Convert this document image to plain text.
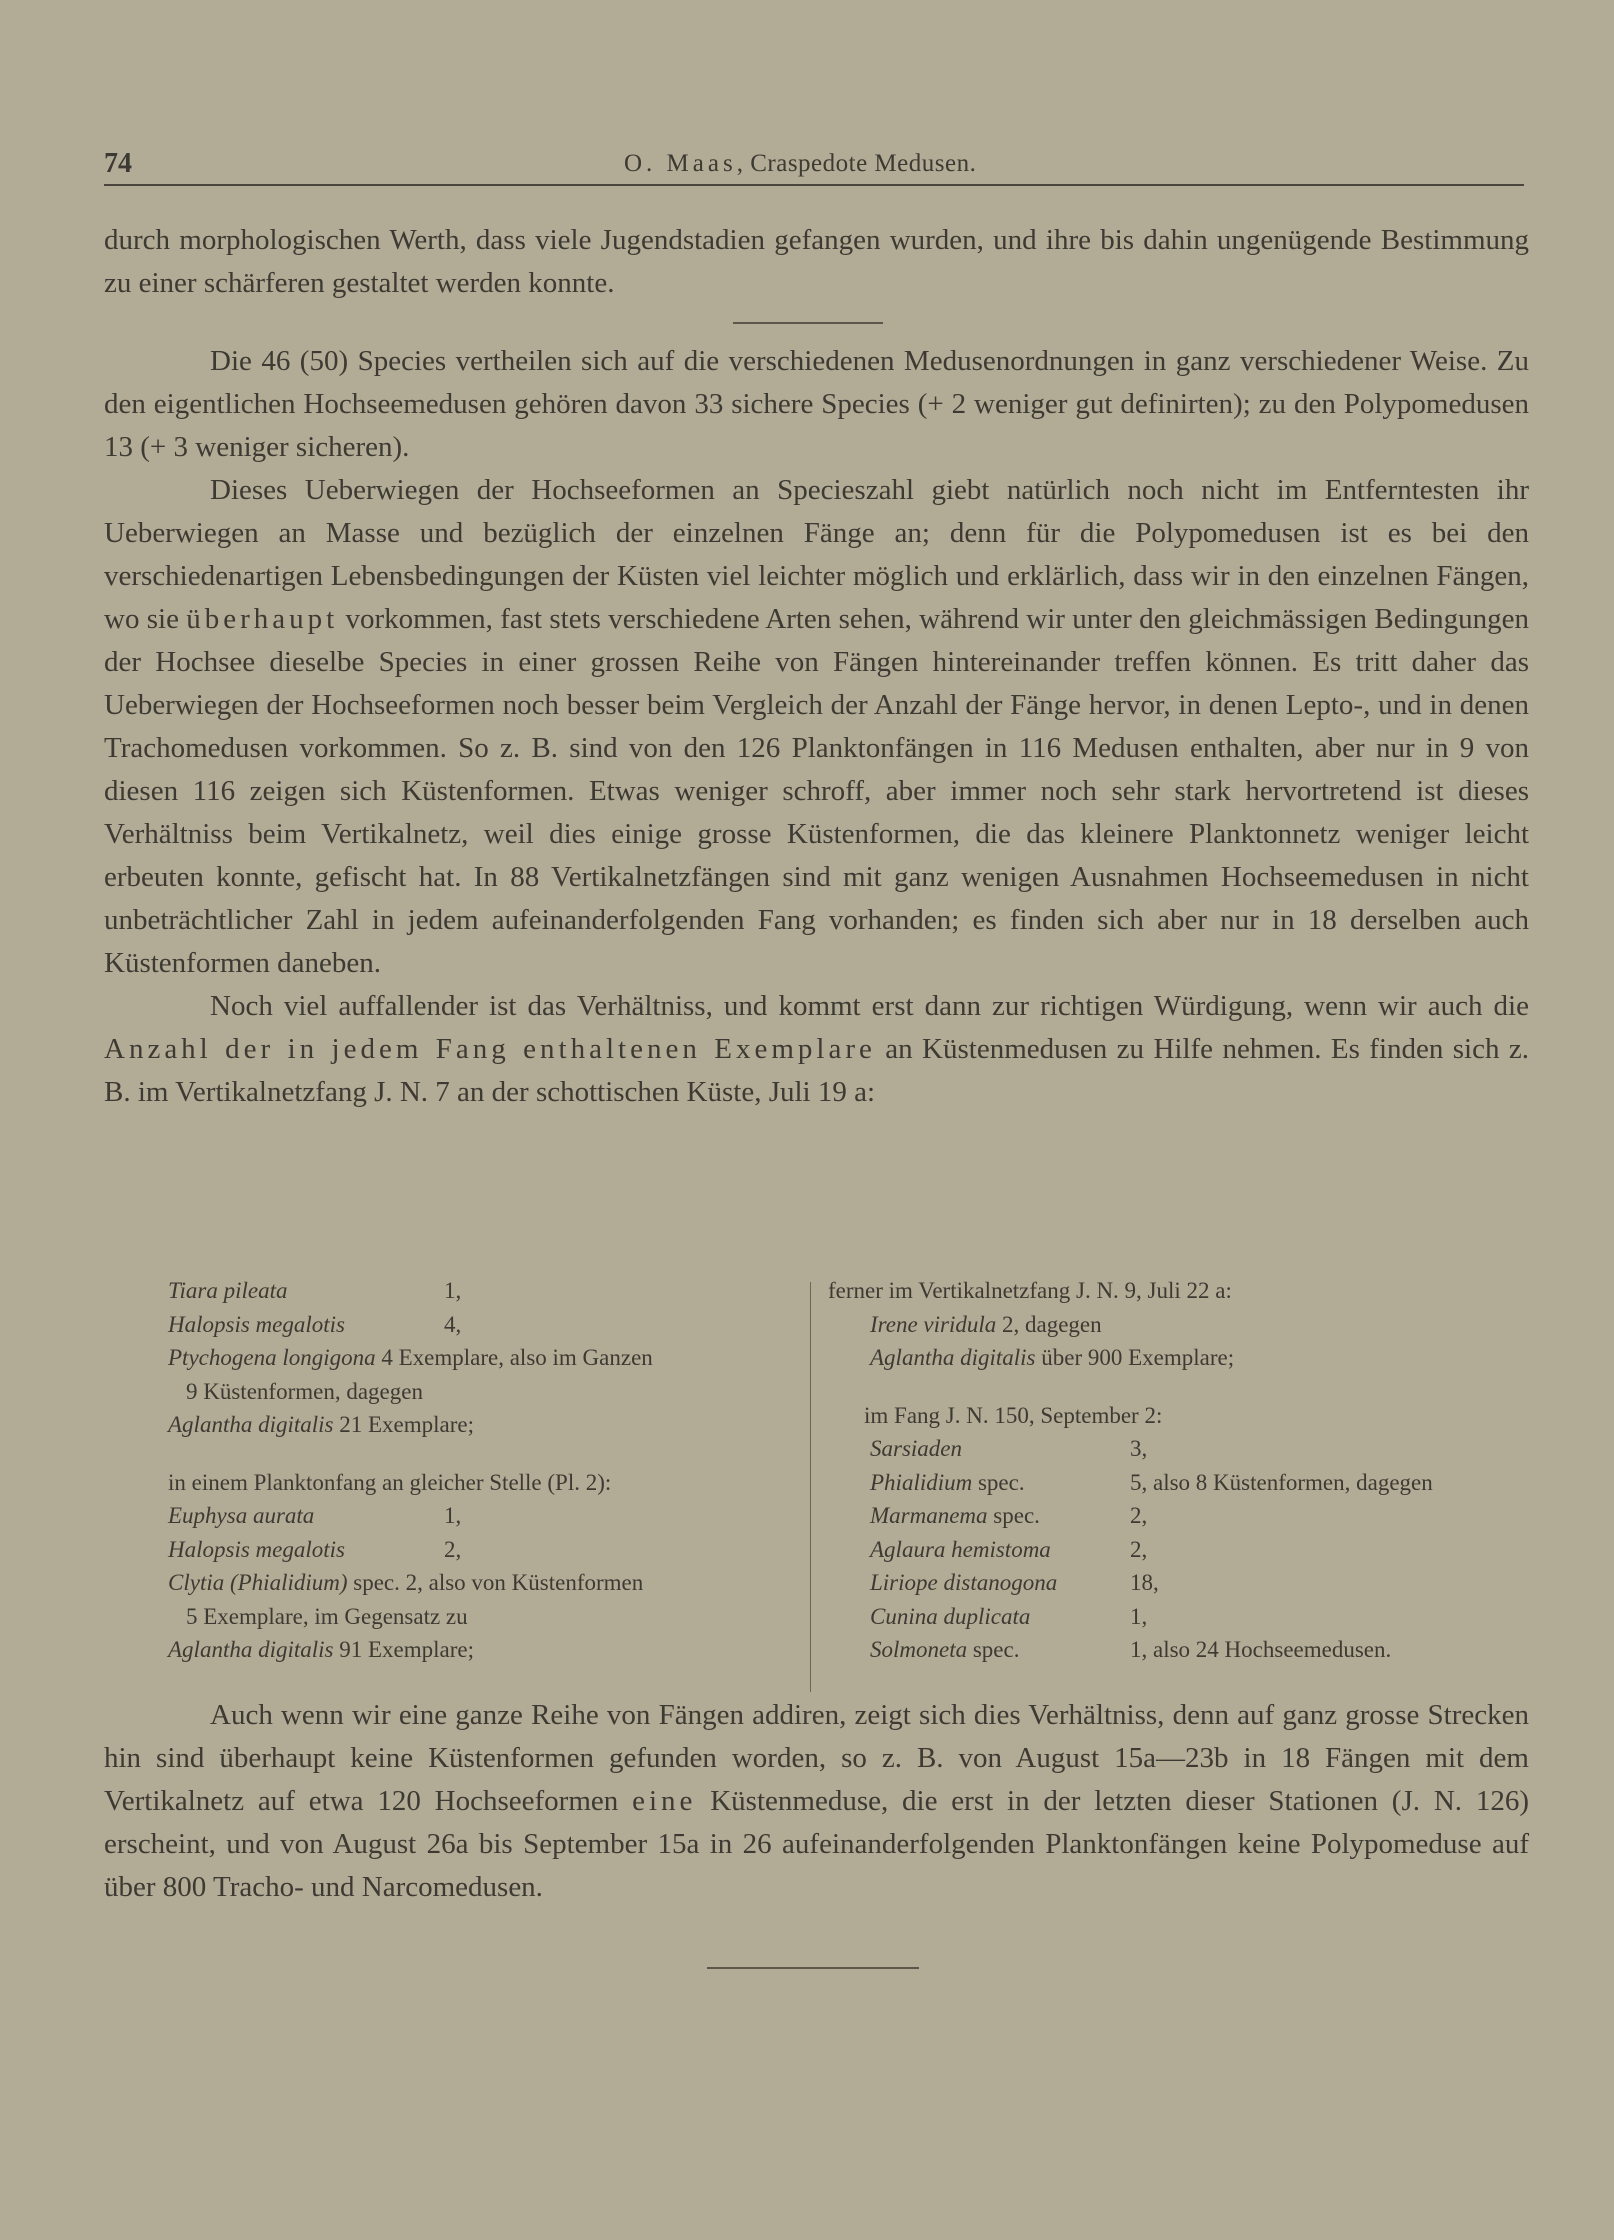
74	O. Maas, Craspedote Medusen.

durch morphologischen Werth, dass viele Jugendstadien gefangen wurden, und ihre bis dahin ungenügende Bestimmung zu einer schärferen gestaltet werden konnte.

Die 46 (50) Species vertheilen sich auf die verschiedenen Medusenordnungen in ganz verschiedener Weise. Zu den eigentlichen Hochseemedusen gehören davon 33 sichere Species (+ 2 weniger gut definirten); zu den Polypomedusen 13 (+ 3 weniger sicheren).

Dieses Ueberwiegen der Hochseeformen an Specieszahl giebt natürlich noch nicht im Entferntesten ihr Ueberwiegen an Masse und bezüglich der einzelnen Fänge an; denn für die Polypomedusen ist es bei den verschiedenartigen Lebensbedingungen der Küsten viel leichter möglich und erklärlich, dass wir in den einzelnen Fängen, wo sie überhaupt vorkommen, fast stets verschiedene Arten sehen, während wir unter den gleichmässigen Bedingungen der Hochsee dieselbe Species in einer grossen Reihe von Fängen hintereinander treffen können. Es tritt daher das Ueberwiegen der Hochseeformen noch besser beim Vergleich der Anzahl der Fänge hervor, in denen Lepto-, und in denen Trachomedusen vorkommen. So z. B. sind von den 126 Planktonfängen in 116 Medusen enthalten, aber nur in 9 von diesen 116 zeigen sich Küstenformen. Etwas weniger schroff, aber immer noch sehr stark hervortretend ist dieses Verhältniss beim Vertikalnetz, weil dies einige grosse Küstenformen, die das kleinere Planktonnetz weniger leicht erbeuten konnte, gefischt hat. In 88 Vertikalnetzfängen sind mit ganz wenigen Ausnahmen Hochseemedusen in nicht unbeträchtlicher Zahl in jedem aufeinanderfolgenden Fang vorhanden; es finden sich aber nur in 18 derselben auch Küstenformen daneben.

Noch viel auffallender ist das Verhältniss, und kommt erst dann zur richtigen Würdigung, wenn wir auch die Anzahl der in jedem Fang enthaltenen Exemplare an Küstenmedusen zu Hilfe nehmen. Es finden sich z. B. im Vertikalnetzfang J. N. 7 an der schottischen Küste, Juli 19 a:

Tiara pileata	1,
Halopsis megalotis	4,
Ptychogena longigona 4 Exemplare, also im Ganzen
9 Küstenformen, dagegen
Aglantha digitalis 21 Exemplare;
in einem Planktonfang an gleicher Stelle (Pl. 2):
Euphysa aurata	1,
Halopsis megalotis	2,
Clytia (Phialidium) spec. 2, also von Küstenformen
5 Exemplare, im Gegensatz zu
Aglantha digitalis 91 Exemplare;
ferner im Vertikalnetzfang J. N. 9, Juli 22 a:
Irene viridula 2, dagegen
Aglantha digitalis über 900 Exemplare;
im Fang J. N. 150, September 2:
Sarsiaden	3,
Phialidium spec.	5, also 8 Küstenformen, dagegen
Marmanema spec.	2,
Aglaura hemistoma	2,
Liriope distanogona	18,
Cunina duplicata	1,
Solmoneta spec.	1, also 24 Hochseemedusen.

Auch wenn wir eine ganze Reihe von Fängen addiren, zeigt sich dies Verhältniss, denn auf ganz grosse Strecken hin sind überhaupt keine Küstenformen gefunden worden, so z. B. von August 15a—23b in 18 Fängen mit dem Vertikalnetz auf etwa 120 Hochseeformen eine Küstenmeduse, die erst in der letzten dieser Stationen (J. N. 126) erscheint, und von August 26a bis September 15a in 26 aufeinanderfolgenden Planktonfängen keine Polypomeduse auf über 800 Tracho- und Narcomedusen.
